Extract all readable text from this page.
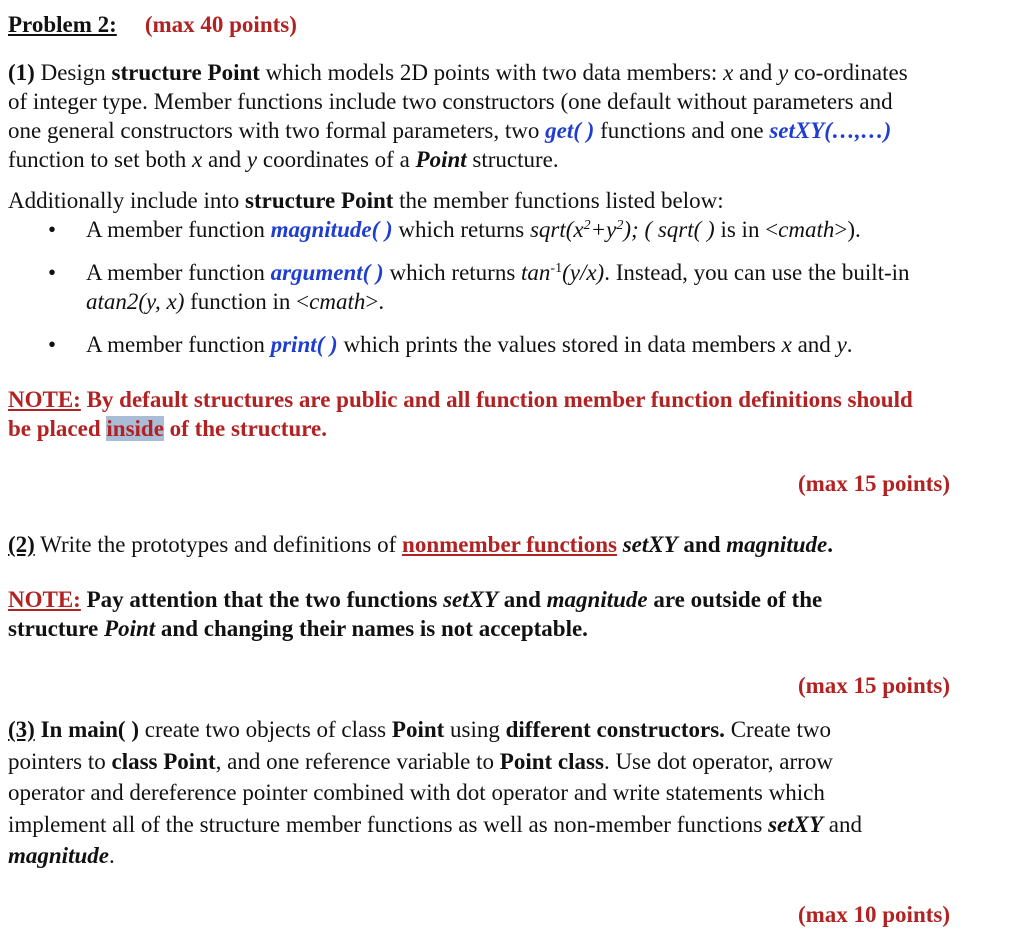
Problem 2: (max 40 points)
(1) Design structure Point which models 2D points with two data members: x and y co-ordinates
of integer type. Member functions include two constructors (one default without parameters and
one general constructors with two formal parameters, two get( ) functions and one setXY(…,…)
function to set both x and y coordinates of a Point structure.
Additionally include into structure Point the member functions listed below:
• A member function magnitude( ) which returns $sqrt(x^2+y^2)$; ( sqrt( ) is in <cmath>).
• A member function argument( ) which returns $\tan^{-1}(y/x)$. Instead, you can use the built-in
atan2(y, x) function in <cmath>.
• A member function print( ) which prints the values stored in data members x and y.
NOTE: By default structures are public and all function member function definitions should
be placed inside of the structure.
(max 15 points)
(2) Write the prototypes and definitions of nonmember functions setXY and magnitude.
NOTE: Pay attention that the two functions setXY and magnitude are outside of the
structure Point and changing their names is not acceptable.
(max 15 points)
(3) In main( ) create two objects of class Point using different constructors. Create two
pointers to class Point, and one reference variable to Point class. Use dot operator, arrow
operator and dereference pointer combined with dot operator and write statements which
implement all of the structure member functions as well as non-member functions setXY and
magnitude.
(max 10 points)
